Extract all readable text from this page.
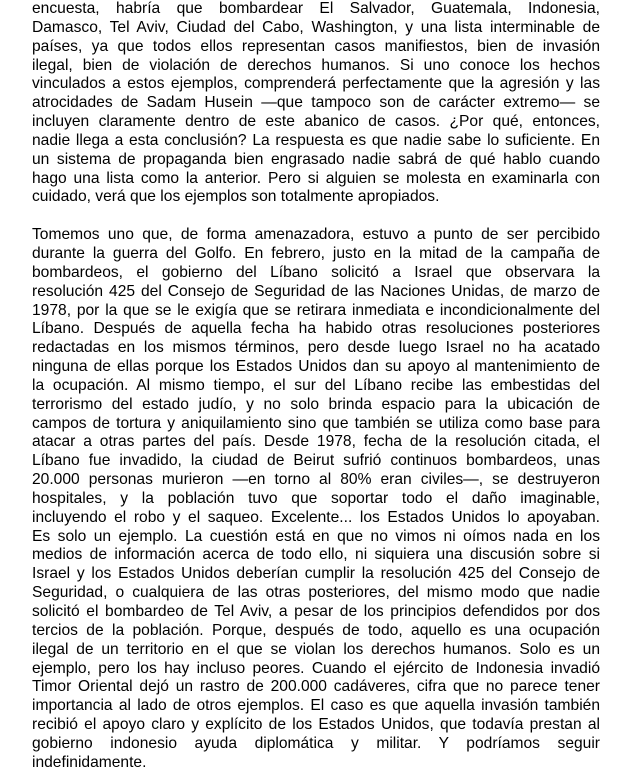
encuesta, habría que bombardear El Salvador, Guatemala, Indonesia,
Damasco, Tel Aviv, Ciudad del Cabo, Washington, y una lista interminable de
países, ya que todos ellos representan casos manifiestos, bien de invasión
ilegal, bien de violación de derechos humanos. Si uno conoce los hechos
vinculados a estos ejemplos, comprenderá perfectamente que la agresión y las
atrocidades de Sadam Husein —que tampoco son de carácter extremo— se
incluyen claramente dentro de este abanico de casos. ¿Por qué, entonces,
nadie llega a esta conclusión? La respuesta es que nadie sabe lo suficiente. En
un sistema de propaganda bien engrasado nadie sabrá de qué hablo cuando
hago una lista como la anterior. Pero si alguien se molesta en examinarla con
cuidado, verá que los ejemplos son totalmente apropiados.
Tomemos uno que, de forma amenazadora, estuvo a punto de ser percibido
durante la guerra del Golfo. En febrero, justo en la mitad de la campaña de
bombardeos, el gobierno del Líbano solicitó a Israel que observara la
resolución 425 del Consejo de Seguridad de las Naciones Unidas, de marzo de
1978, por la que se le exigía que se retirara inmediata e incondicionalmente del
Líbano. Después de aquella fecha ha habido otras resoluciones posteriores
redactadas en los mismos términos, pero desde luego Israel no ha acatado
ninguna de ellas porque los Estados Unidos dan su apoyo al mantenimiento de
la ocupación. Al mismo tiempo, el sur del Líbano recibe las embestidas del
terrorismo del estado judío, y no solo brinda espacio para la ubicación de
campos de tortura y aniquilamiento sino que también se utiliza como base para
atacar a otras partes del país. Desde 1978, fecha de la resolución citada, el
Líbano fue invadido, la ciudad de Beirut sufrió continuos bombardeos, unas
20.000 personas murieron —en torno al 80% eran civiles—, se destruyeron
hospitales, y la población tuvo que soportar todo el daño imaginable,
incluyendo el robo y el saqueo. Excelente... los Estados Unidos lo apoyaban.
Es solo un ejemplo. La cuestión está en que no vimos ni oímos nada en los
medios de información acerca de todo ello, ni siquiera una discusión sobre si
Israel y los Estados Unidos deberían cumplir la resolución 425 del Consejo de
Seguridad, o cualquiera de las otras posteriores, del mismo modo que nadie
solicitó el bombardeo de Tel Aviv, a pesar de los principios defendidos por dos
tercios de la población. Porque, después de todo, aquello es una ocupación
ilegal de un territorio en el que se violan los derechos humanos. Solo es un
ejemplo, pero los hay incluso peores. Cuando el ejército de Indonesia invadió
Timor Oriental dejó un rastro de 200.000 cadáveres, cifra que no parece tener
importancia al lado de otros ejemplos. El caso es que aquella invasión también
recibió el apoyo claro y explícito de los Estados Unidos, que todavía prestan al
gobierno indonesio ayuda diplomática y militar. Y podríamos seguir
indefinidamente.
